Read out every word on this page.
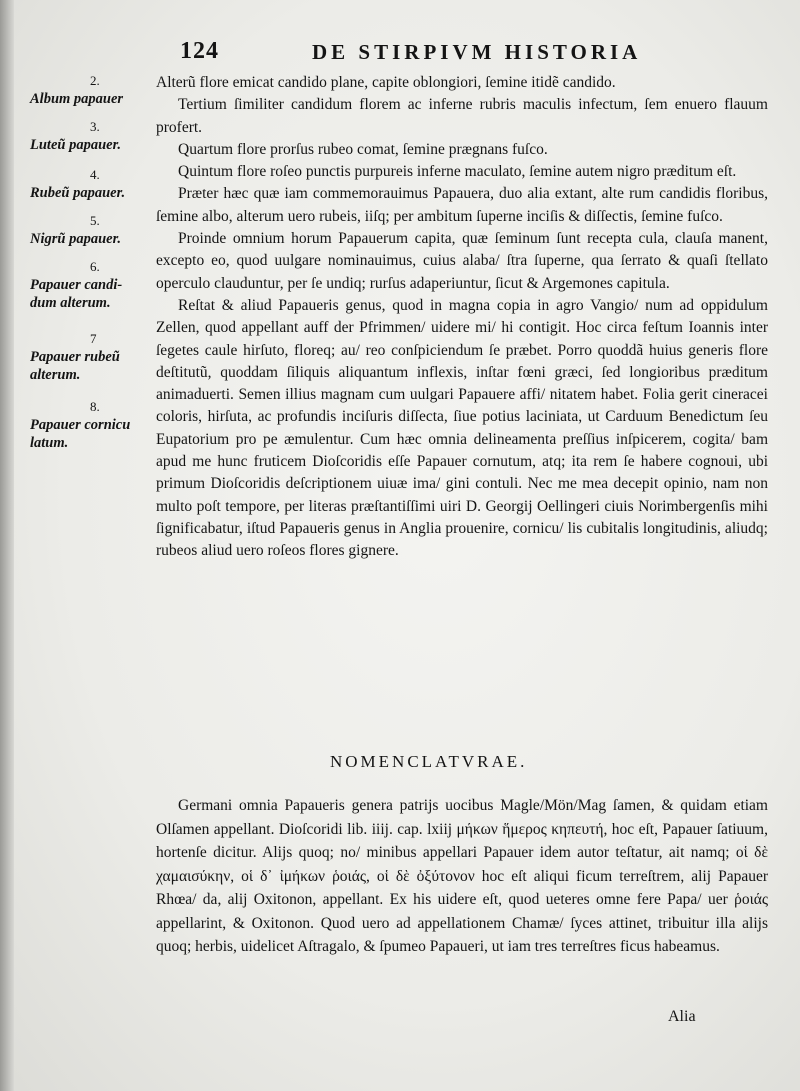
124	DE STIRPIVM HISTORIA
2.
Album papauer
3.
Luteũ papauer.
4.
Rubeũ papauer.
5.
Nigrũ papauer.
6.
Papauer candi-
dum alterum.
7
Papauer rubeũ
alterum.
8.
Papauer cornicu
latum.

Alterũ flore emicat candido plane, capite oblongiori, ſemine itidẽ candido.

Tertium ſimiliter candidum florem ac inferne rubris maculis infectum, ſem enuero flauum profert.

Quartum flore prorſus rubeo comat, ſemine prægnans fuſco.

Quintum flore roſeo punctis purpureis inferne maculato, ſemine autem nigro præditum eſt.

Præter hæc quæ iam commemorauimus Papauera, duo alia extant, alte rum candidis floribus, ſemine albo, alterum uero rubeis, iiſq; per ambitum ſuperne inciſis & diſſectis, ſemine fuſco.

Proinde omnium horum Papauerum capita, quæ ſeminum ſunt recepta cula, clauſa manent, excepto eo, quod uulgare nominauimus, cuius alaba/ ſtra ſuperne, qua ſerrato & quaſi ſtellato operculo clauduntur, per ſe undiq; rurſus adaperiuntur, ſicut & Argemones capitula.

Reſtat & aliud Papaueris genus, quod in magna copia in agro Vangio/ num ad oppidulum Zellen, quod appellant auff der Pfrimmen/ uidere mi/ hi contigit. Hoc circa feſtum Ioannis inter ſegetes caule hirſuto, floreq; au/ reo conſpiciendum ſe præbet. Porro quoddã huius generis flore deſtitutũ, quoddam ſiliquis aliquantum inflexis, inſtar fœni græci, ſed longioribus præditum animaduerti. Semen illius magnam cum uulgari Papauere affi/ nitatem habet. Folia gerit cineracei coloris, hirſuta, ac profundis inciſuris diſſecta, ſiue potius laciniata, ut Carduum Benedictum ſeu Eupatorium pro pe æmulentur. Cum hæc omnia delineamenta preſſius inſpicerem, cogita/ bam apud me hunc fruticem Dioſcoridis eſſe Papauer cornutum, atq; ita rem ſe habere cognoui, ubi primum Dioſcoridis deſcriptionem uiuæ ima/ gini contuli. Nec me mea decepit opinio, nam non multo poſt tempore, per literas præſtantiſſimi uiri D. Georgij Oellingeri ciuis Norimbergenſis mihi ſignificabatur, iſtud Papaueris genus in Anglia prouenire, cornicu/ lis cubitalis longitudinis, aliudq; rubeos aliud uero roſeos flores gignere.

NOMENCLATVRAE.

Germani omnia Papaueris genera patrijs uocibus Magle/Mön/Mag ſamen, & quidam etiam Olſamen appellant. Dioſcoridi lib. iiij. cap. lxiij μήκων ἥμερος κηπευτή, hoc eſt, Papauer ſatiuum, hortenſe dicitur. Alijs quoq; no/ minibus appellari Papauer idem autor teſtatur, ait namq; οἱ δὲ χαμαισύκην, οἱ δ᾽ ἰμήκων ῥοιάς, οἱ δὲ ὀξύτονον hoc eſt aliqui ficum terreſtrem, alij Papauer Rhœa/ da, alij Oxitonon, appellant. Ex his uidere eſt, quod ueteres omne fere Papa/ uer ῥοιάς appellarint, & Oxitonon. Quod uero ad appellationem Chamæ/ ſyces attinet, tribuitur illa alijs quoq; herbis, uidelicet Aſtragalo, & ſpumeo Papaueri, ut iam tres terreſtres ficus habeamus.

Alia
